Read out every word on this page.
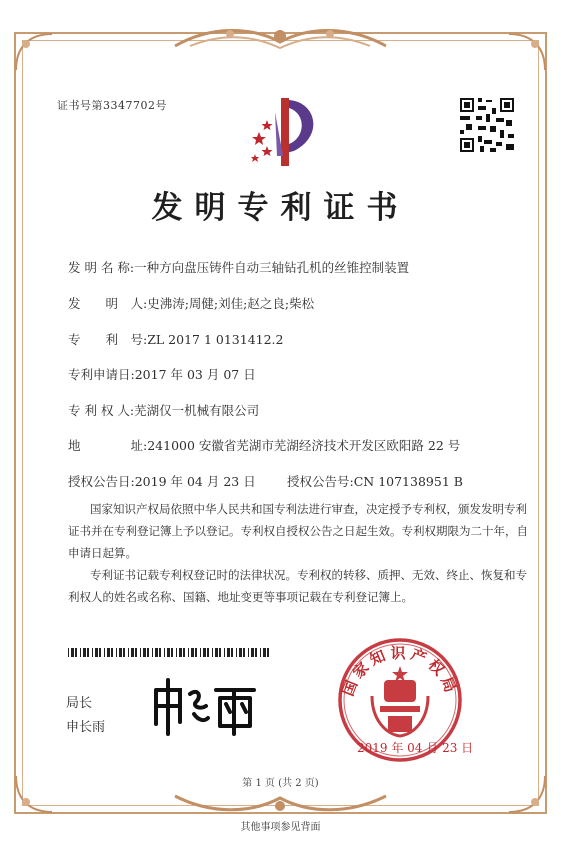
证书号第3347702号
发明专利证书
发 明 名 称:一种方向盘压铸件自动三轴钻孔机的丝锥控制装置
发　　明　人:史沸涛;周健;刘佳;赵之良;柴松
专　　利　号:ZL 2017 1 0131412.2
专利申请日:2017 年 03 月 07 日
专 利 权 人:芜湖仅一机械有限公司
地　　　　址:241000 安徽省芜湖市芜湖经济技术开发区欧阳路 22 号
授权公告日:2019 年 04 月 23 日	授权公告号:CN 107138951 B
国家知识产权局依照中华人民共和国专利法进行审查，决定授予专利权，颁发发明专利
证书并在专利登记簿上予以登记。专利权自授权公告之日起生效。专利权期限为二十年，自
申请日起算。
专利证书记载专利权登记时的法律状况。专利权的转移、质押、无效、终止、恢复和专
利权人的姓名或名称、国籍、地址变更等事项记载在专利登记簿上。
局长
申长雨
国家知识产权局
2019 年 04 月 23 日
第 1 页 (共 2 页)
其他事项参见背面
